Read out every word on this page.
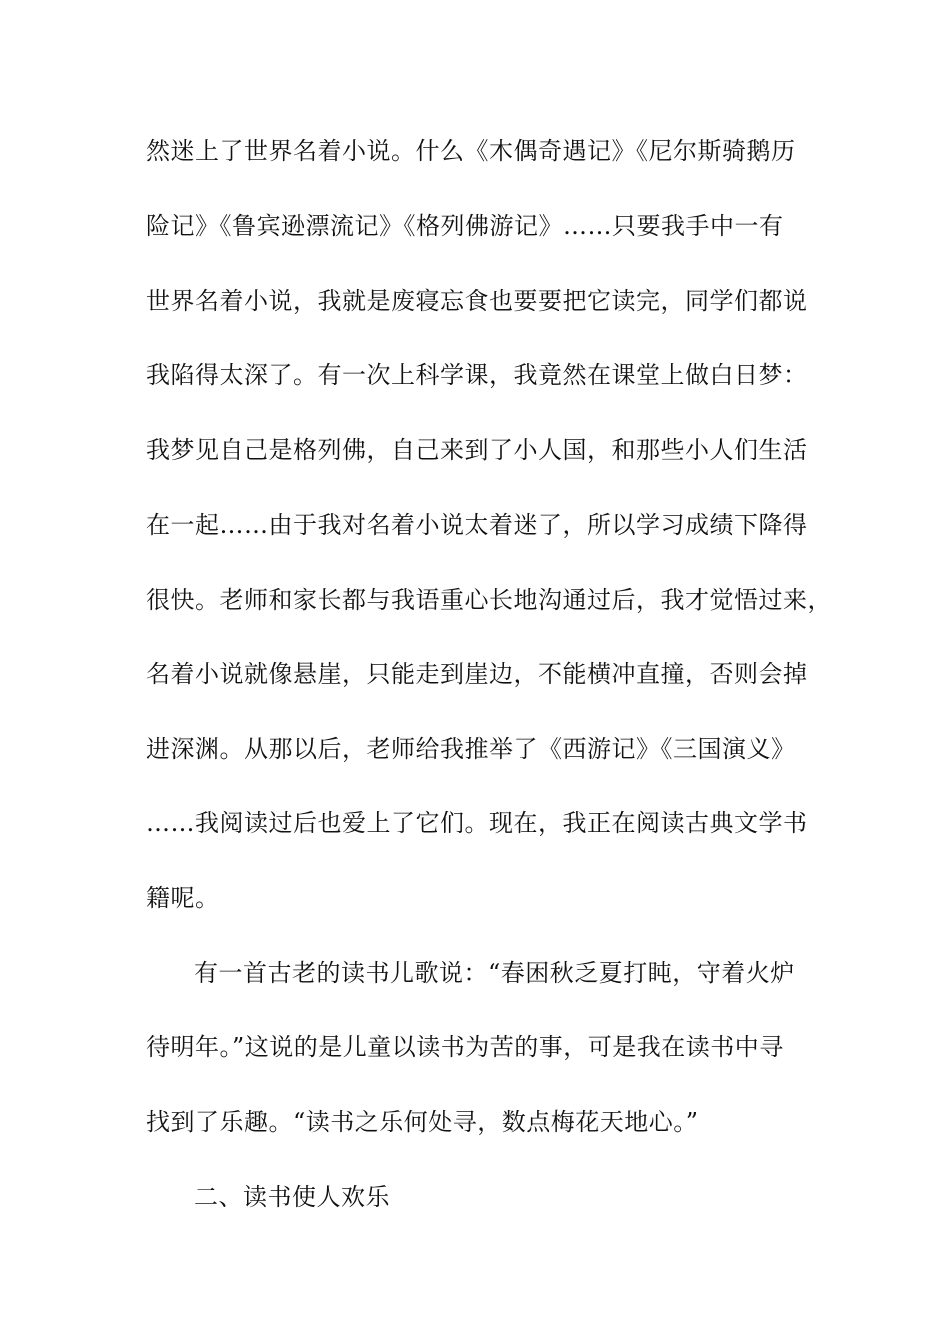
然迷上了世界名着小说。什么《木偶奇遇记》《尼尔斯骑鹅历
险记》《鲁宾逊漂流记》《格列佛游记》……只要我手中一有
世界名着小说，我就是废寝忘食也要要把它读完，同学们都说
我陷得太深了。有一次上科学课，我竟然在课堂上做白日梦：
我梦见自己是格列佛，自己来到了小人国，和那些小人们生活
在一起……由于我对名着小说太着迷了，所以学习成绩下降得
很快。老师和家长都与我语重心长地沟通过后，我才觉悟过来，
名着小说就像悬崖，只能走到崖边，不能横冲直撞，否则会掉
进深渊。从那以后，老师给我推举了《西游记》《三国演义》
……我阅读过后也爱上了它们。现在，我正在阅读古典文学书
籍呢。
有一首古老的读书儿歌说：“春困秋乏夏打盹，守着火炉
待明年。”这说的是儿童以读书为苦的事，可是我在读书中寻
找到了乐趣。“读书之乐何处寻，数点梅花天地心。”
二、读书使人欢乐
